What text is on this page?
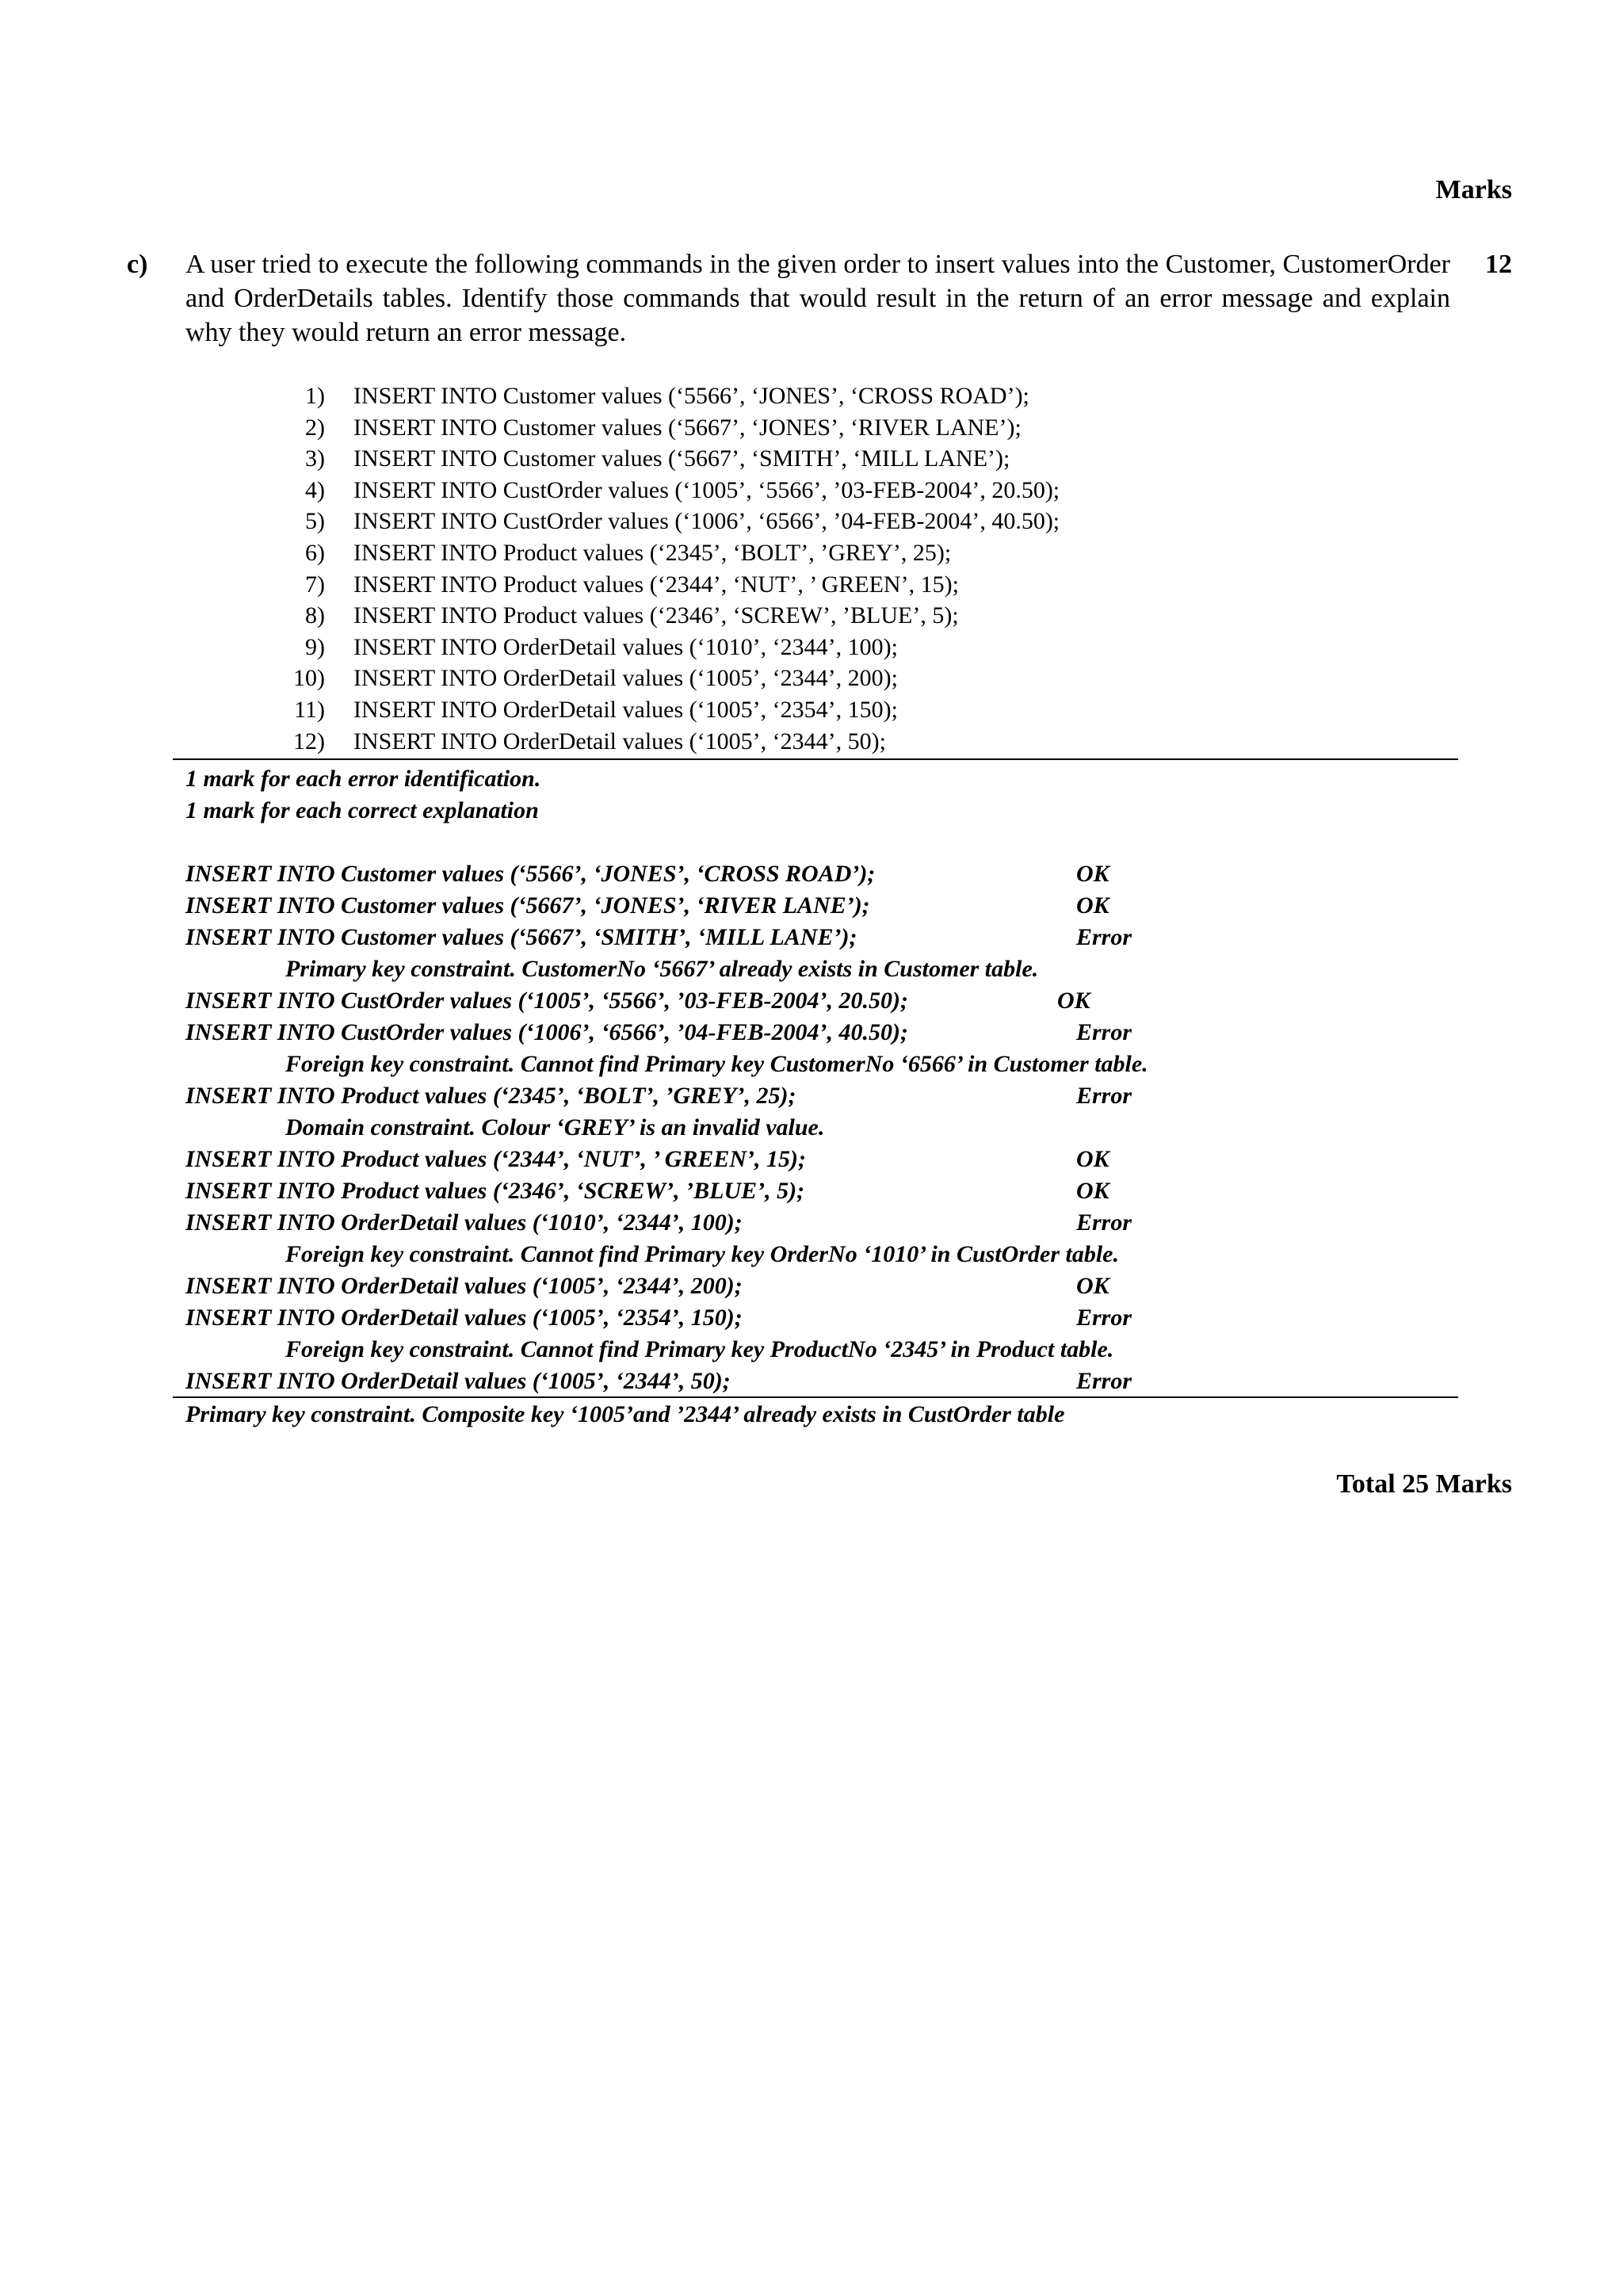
Marks
c)	12
A user tried to execute the following commands in the given order to insert values into the Customer, CustomerOrder and OrderDetails tables. Identify those commands that would result in the return of an error message and explain why they would return an error message.
1) INSERT INTO Customer values (‘5566’, ‘JONES’, ‘CROSS ROAD’);
2) INSERT INTO Customer values (‘5667’, ‘JONES’, ‘RIVER LANE’);
3) INSERT INTO Customer values (‘5667’, ‘SMITH’, ‘MILL LANE’);
4) INSERT INTO CustOrder values (‘1005’, ‘5566’, ’03-FEB-2004’, 20.50);
5) INSERT INTO CustOrder values (‘1006’, ‘6566’, ’04-FEB-2004’, 40.50);
6) INSERT INTO Product values (‘2345’, ‘BOLT’, ’GREY’, 25);
7) INSERT INTO Product values (‘2344’, ‘NUT’, ’ GREEN’, 15);
8) INSERT INTO Product values (‘2346’, ‘SCREW’, ’BLUE’, 5);
9) INSERT INTO OrderDetail values (‘1010’, ‘2344’, 100);
10) INSERT INTO OrderDetail values (‘1005’, ‘2344’, 200);
11) INSERT INTO OrderDetail values (‘1005’, ‘2354’, 150);
12) INSERT INTO OrderDetail values (‘1005’, ‘2344’, 50);
1 mark for each error identification.
1 mark for each correct explanation
INSERT INTO Customer values (‘5566’, ‘JONES’, ‘CROSS ROAD’);	OK
INSERT INTO Customer values (‘5667’, ‘JONES’, ‘RIVER LANE’);	OK
INSERT INTO Customer values (‘5667’, ‘SMITH’, ‘MILL LANE’);	Error
Primary key constraint. CustomerNo ‘5667’ already exists in Customer table.
INSERT INTO CustOrder values (‘1005’, ‘5566’, ’03-FEB-2004’, 20.50);	OK
INSERT INTO CustOrder values (‘1006’, ‘6566’, ’04-FEB-2004’, 40.50);	Error
Foreign key constraint. Cannot find Primary key CustomerNo ‘6566’ in Customer table.
INSERT INTO Product values (‘2345’, ‘BOLT’, ’GREY’, 25);	Error
Domain constraint. Colour ‘GREY’ is an invalid value.
INSERT INTO Product values (‘2344’, ‘NUT’, ’ GREEN’, 15);	OK
INSERT INTO Product values (‘2346’, ‘SCREW’, ’BLUE’, 5);	OK
INSERT INTO OrderDetail values (‘1010’, ‘2344’, 100);	Error
Foreign key constraint. Cannot find Primary key OrderNo ‘1010’ in CustOrder table.
INSERT INTO OrderDetail values (‘1005’, ‘2344’, 200);	OK
INSERT INTO OrderDetail values (‘1005’, ‘2354’, 150);	Error
Foreign key constraint. Cannot find Primary key ProductNo ‘2345’ in Product table.
INSERT INTO OrderDetail values (‘1005’, ‘2344’, 50);	Error
Primary key constraint. Composite key ‘1005’and ’2344’ already exists in CustOrder table
Total 25 Marks
